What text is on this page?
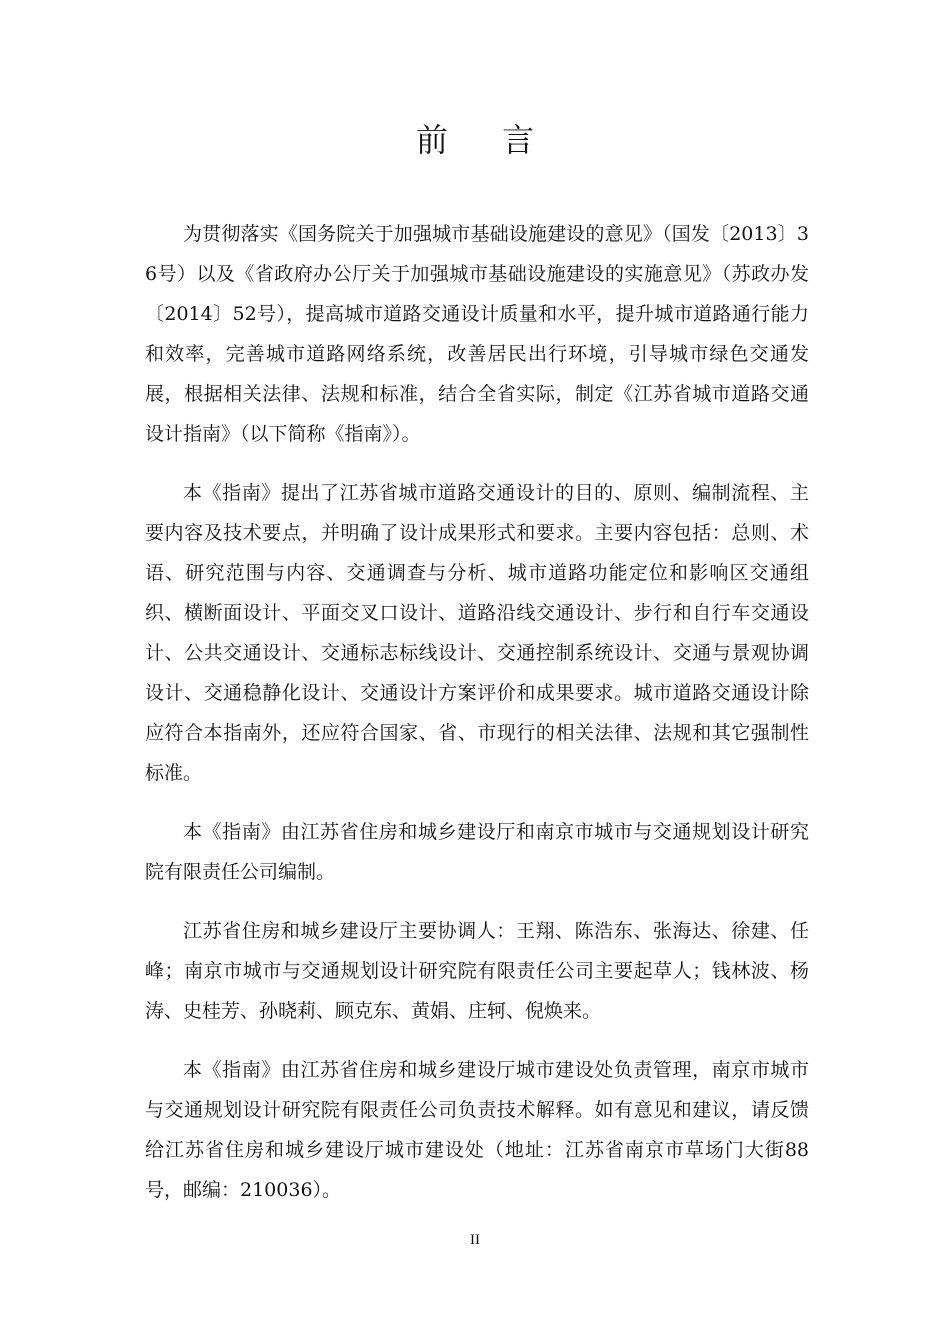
前 言

为贯彻落实《国务院关于加强城市基础设施建设的意见》（国发〔2013〕36号）以及《省政府办公厅关于加强城市基础设施建设的实施意见》（苏政办发〔2014〕52号），提高城市道路交通设计质量和水平，提升城市道路通行能力和效率，完善城市道路网络系统，改善居民出行环境，引导城市绿色交通发展，根据相关法律、法规和标准，结合全省实际，制定《江苏省城市道路交通设计指南》（以下简称《指南》）。

本《指南》提出了江苏省城市道路交通设计的目的、原则、编制流程、主要内容及技术要点，并明确了设计成果形式和要求。主要内容包括：总则、术语、研究范围与内容、交通调查与分析、城市道路功能定位和影响区交通组织、横断面设计、平面交叉口设计、道路沿线交通设计、步行和自行车交通设计、公共交通设计、交通标志标线设计、交通控制系统设计、交通与景观协调设计、交通稳静化设计、交通设计方案评价和成果要求。城市道路交通设计除应符合本指南外，还应符合国家、省、市现行的相关法律、法规和其它强制性标准。

本《指南》由江苏省住房和城乡建设厅和南京市城市与交通规划设计研究院有限责任公司编制。

江苏省住房和城乡建设厅主要协调人：王翔、陈浩东、张海达、徐建、任峰；南京市城市与交通规划设计研究院有限责任公司主要起草人；钱林波、杨涛、史桂芳、孙晓莉、顾克东、黄娟、庄轲、倪焕来。

本《指南》由江苏省住房和城乡建设厅城市建设处负责管理，南京市城市与交通规划设计研究院有限责任公司负责技术解释。如有意见和建议，请反馈给江苏省住房和城乡建设厅城市建设处（地址：江苏省南京市草场门大街88号，邮编：210036）。

II
